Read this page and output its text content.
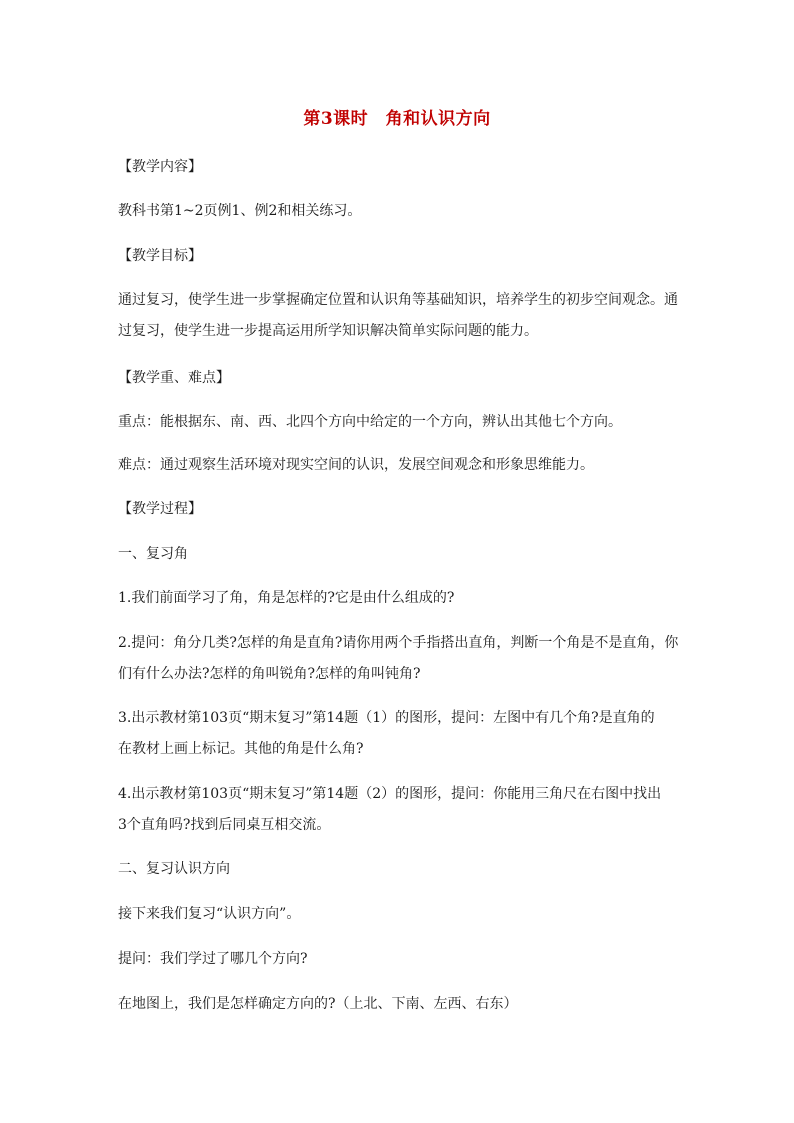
第3课时　角和认识方向
【教学内容】
教科书第1~2页例1、例2和相关练习。
【教学目标】
通过复习，使学生进一步掌握确定位置和认识角等基础知识，培养学生的初步空间观念。通
过复习，使学生进一步提高运用所学知识解决简单实际问题的能力。
【教学重、难点】
重点：能根据东、南、西、北四个方向中给定的一个方向，辨认出其他七个方向。
难点：通过观察生活环境对现实空间的认识，发展空间观念和形象思维能力。
【教学过程】
一、复习角
1.我们前面学习了角，角是怎样的?它是由什么组成的?
2.提问：角分几类?怎样的角是直角?请你用两个手指搭出直角，判断一个角是不是直角，你
们有什么办法?怎样的角叫锐角?怎样的角叫钝角?
3.出示教材第103页“期末复习”第14题（1）的图形，提问：左图中有几个角?是直角的
在教材上画上标记。其他的角是什么角?
4.出示教材第103页“期末复习”第14题（2）的图形，提问：你能用三角尺在右图中找出
3个直角吗?找到后同桌互相交流。
二、复习认识方向
接下来我们复习“认识方向”。
提问：我们学过了哪几个方向?
在地图上，我们是怎样确定方向的?（上北、下南、左西、右东）
